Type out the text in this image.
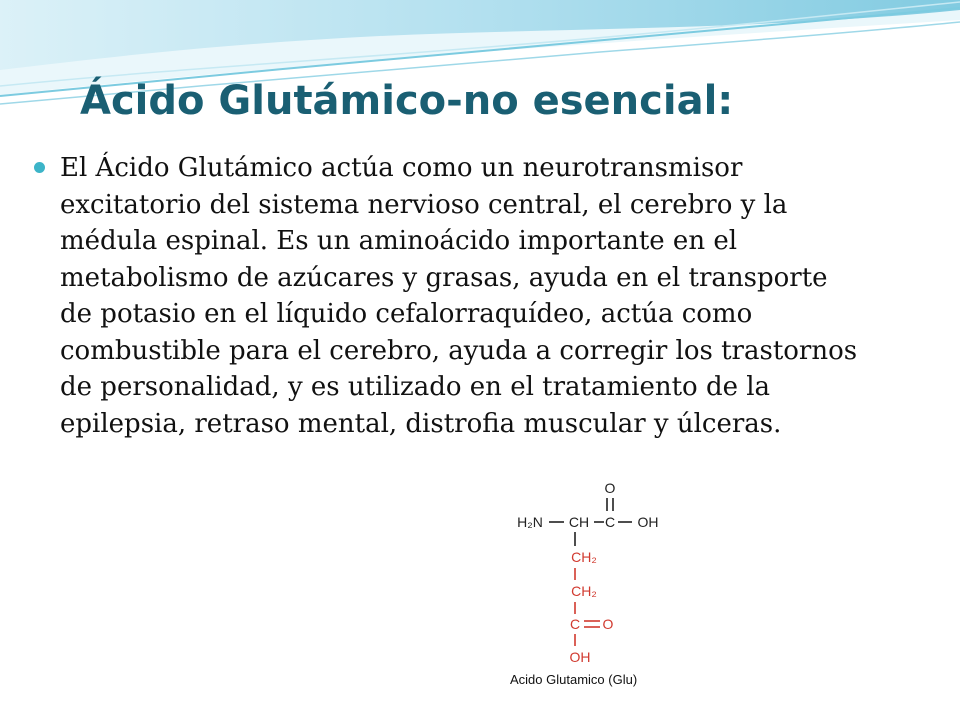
Ácido Glutámico-no esencial:

El Ácido Glutámico actúa como un neurotransmisor excitatorio del sistema nervioso central, el cerebro y la médula espinal. Es un aminoácido importante en el metabolismo de azúcares y grasas, ayuda en el transporte de potasio en el líquido cefalorraquídeo, actúa como combustible para el cerebro, ayuda a corregir los trastornos de personalidad, y es utilizado en el tratamiento de la epilepsia, retraso mental, distrofia muscular y úlceras.

O
H₂N CH C OH
CH₂
CH₂
C O
OH

Acido Glutamico (Glu)
